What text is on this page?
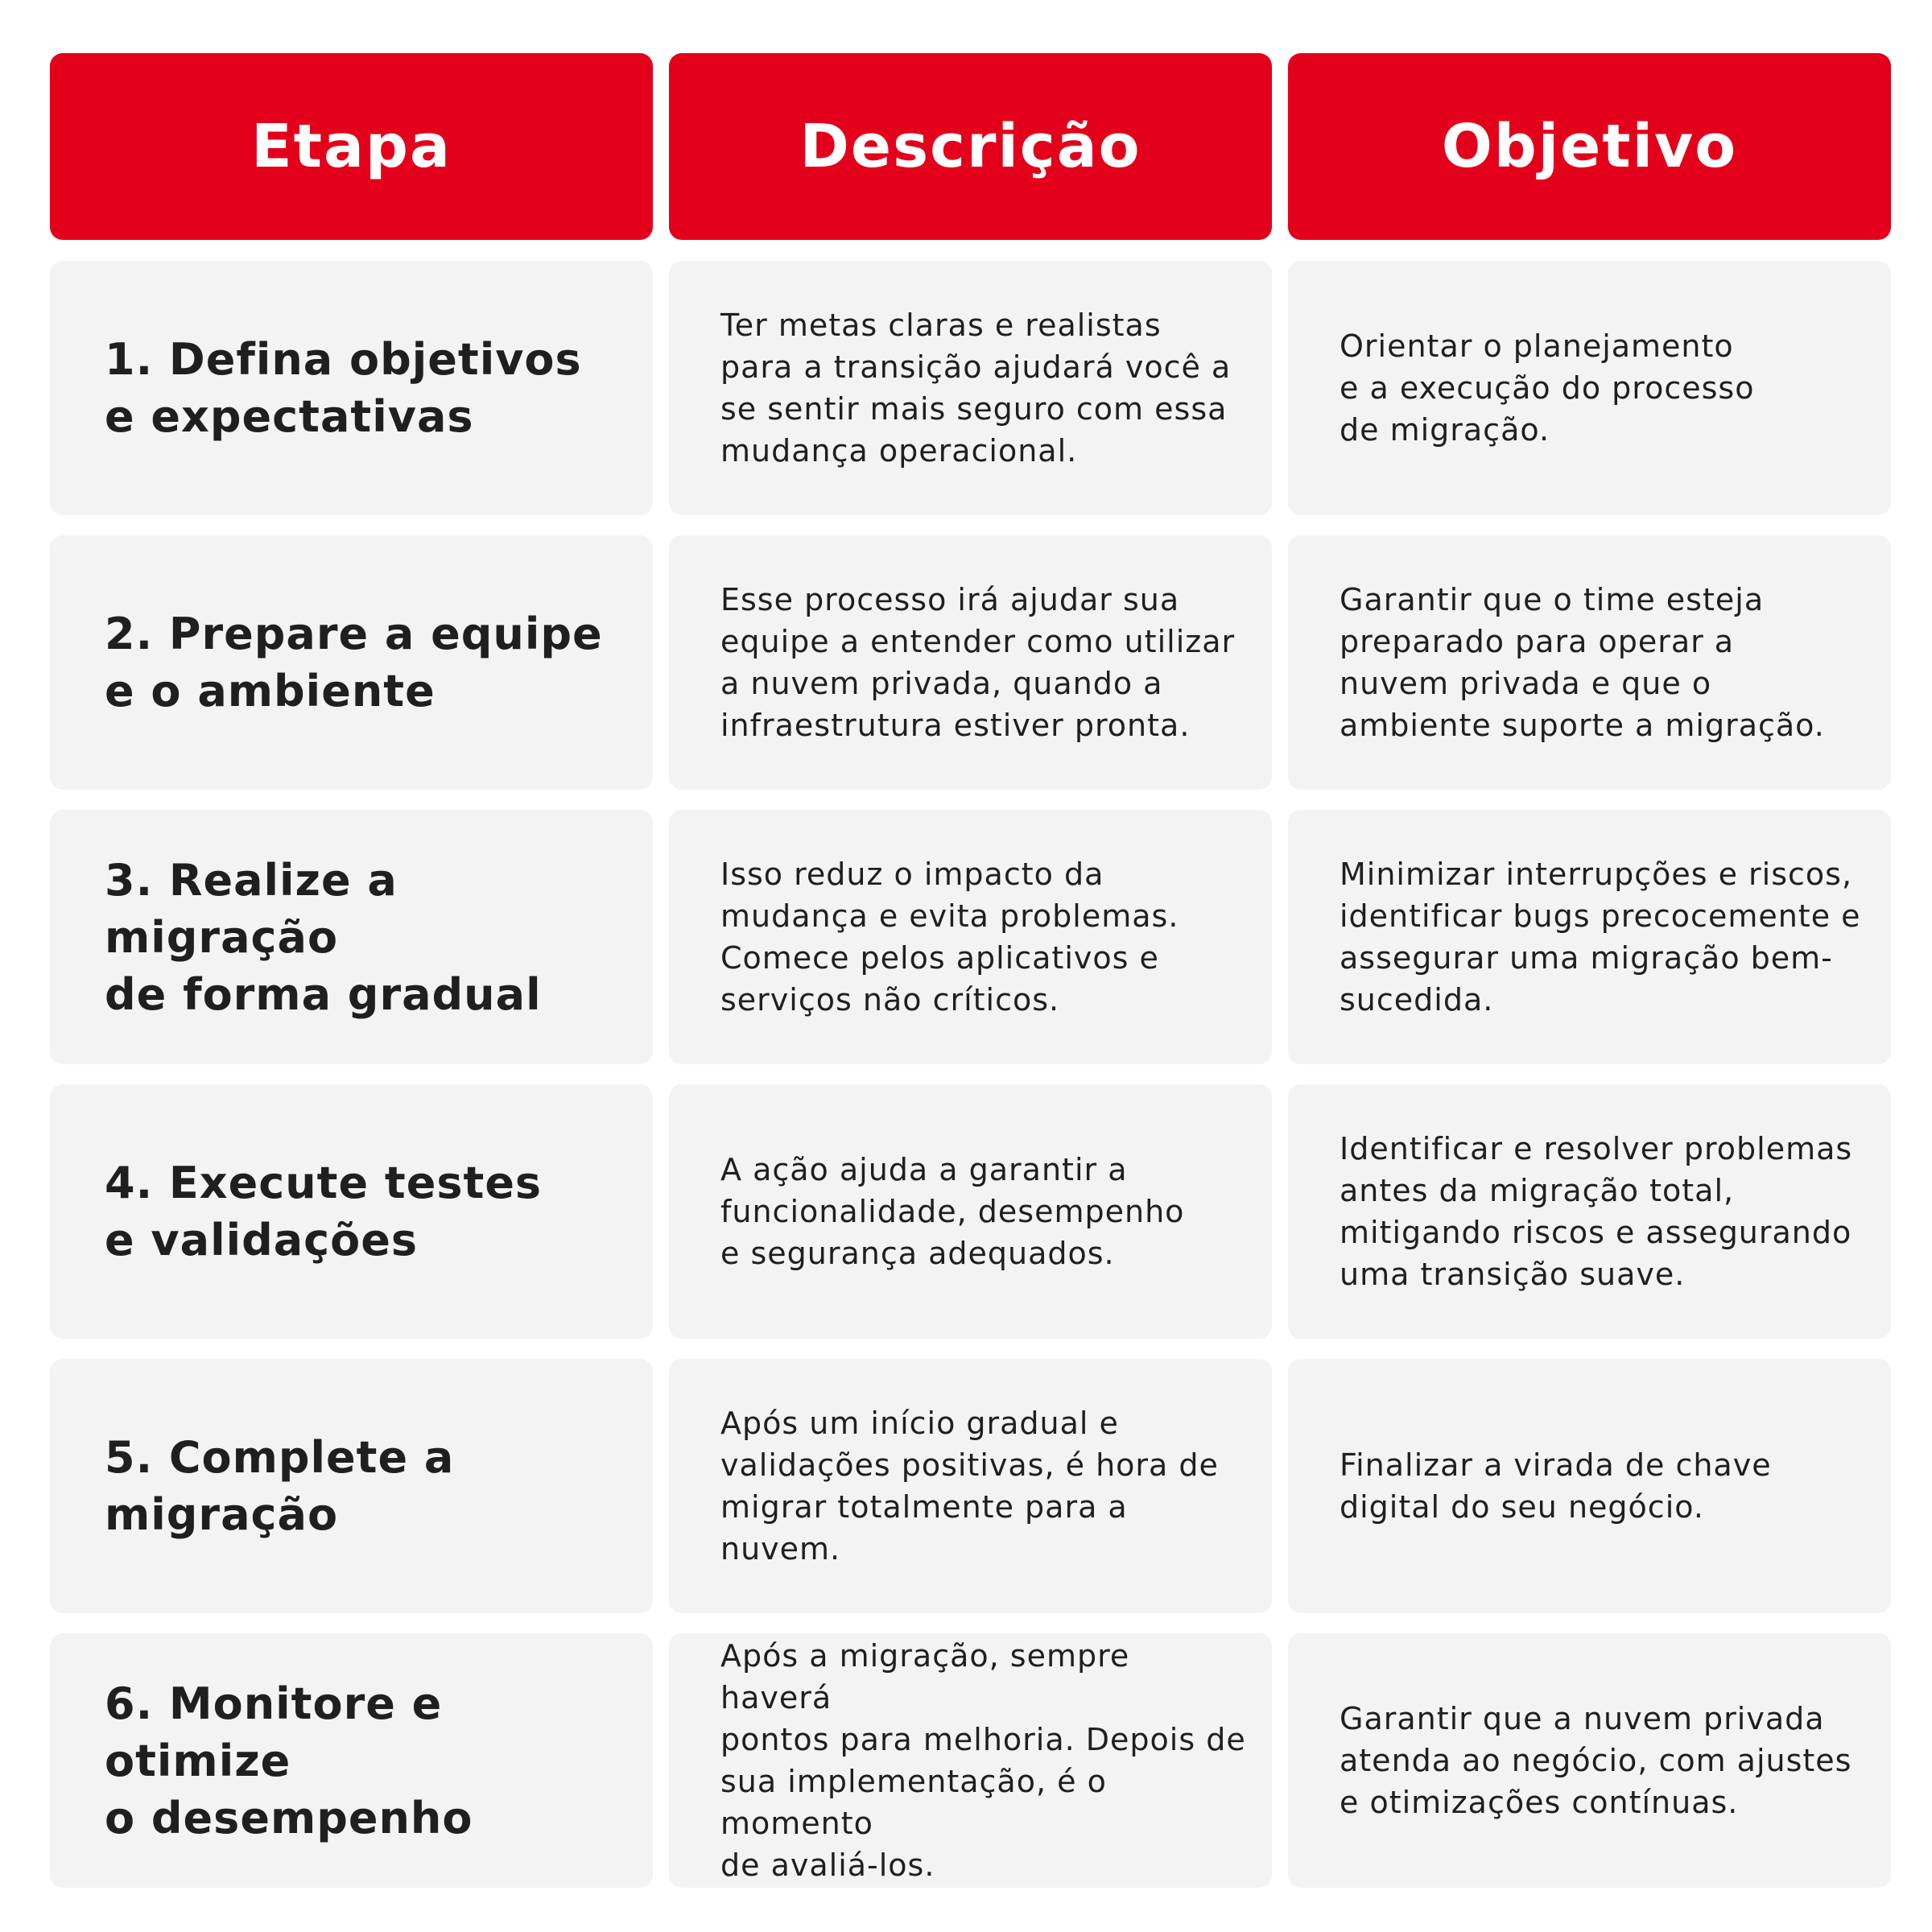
Etapa	Descrição	Objetivo
1. Defina objetivos
e expectativas
Ter metas claras e realistas
para a transição ajudará você a
se sentir mais seguro com essa
mudança operacional.
Orientar o planejamento
e a execução do processo
de migração.
2. Prepare a equipe
e o ambiente
Esse processo irá ajudar sua
equipe a entender como utilizar
a nuvem privada, quando a
infraestrutura estiver pronta.
Garantir que o time esteja
preparado para operar a
nuvem privada e que o
ambiente suporte a migração.
3. Realize a migração
de forma gradual
Isso reduz o impacto da
mudança e evita problemas.
Comece pelos aplicativos e
serviços não críticos.
Minimizar interrupções e riscos,
identificar bugs precocemente e
assegurar uma migração bem-
sucedida.
4. Execute testes
e validações
A ação ajuda a garantir a
funcionalidade, desempenho
e segurança adequados.
Identificar e resolver problemas
antes da migração total,
mitigando riscos e assegurando
uma transição suave.
5. Complete a
migração
Após um início gradual e
validações positivas, é hora de
migrar totalmente para a nuvem.
Finalizar a virada de chave
digital do seu negócio.
6. Monitore e otimize
o desempenho
Após a migração, sempre haverá
pontos para melhoria. Depois de
sua implementação, é o momento
de avaliá-los.
Garantir que a nuvem privada
atenda ao negócio, com ajustes
e otimizações contínuas.
